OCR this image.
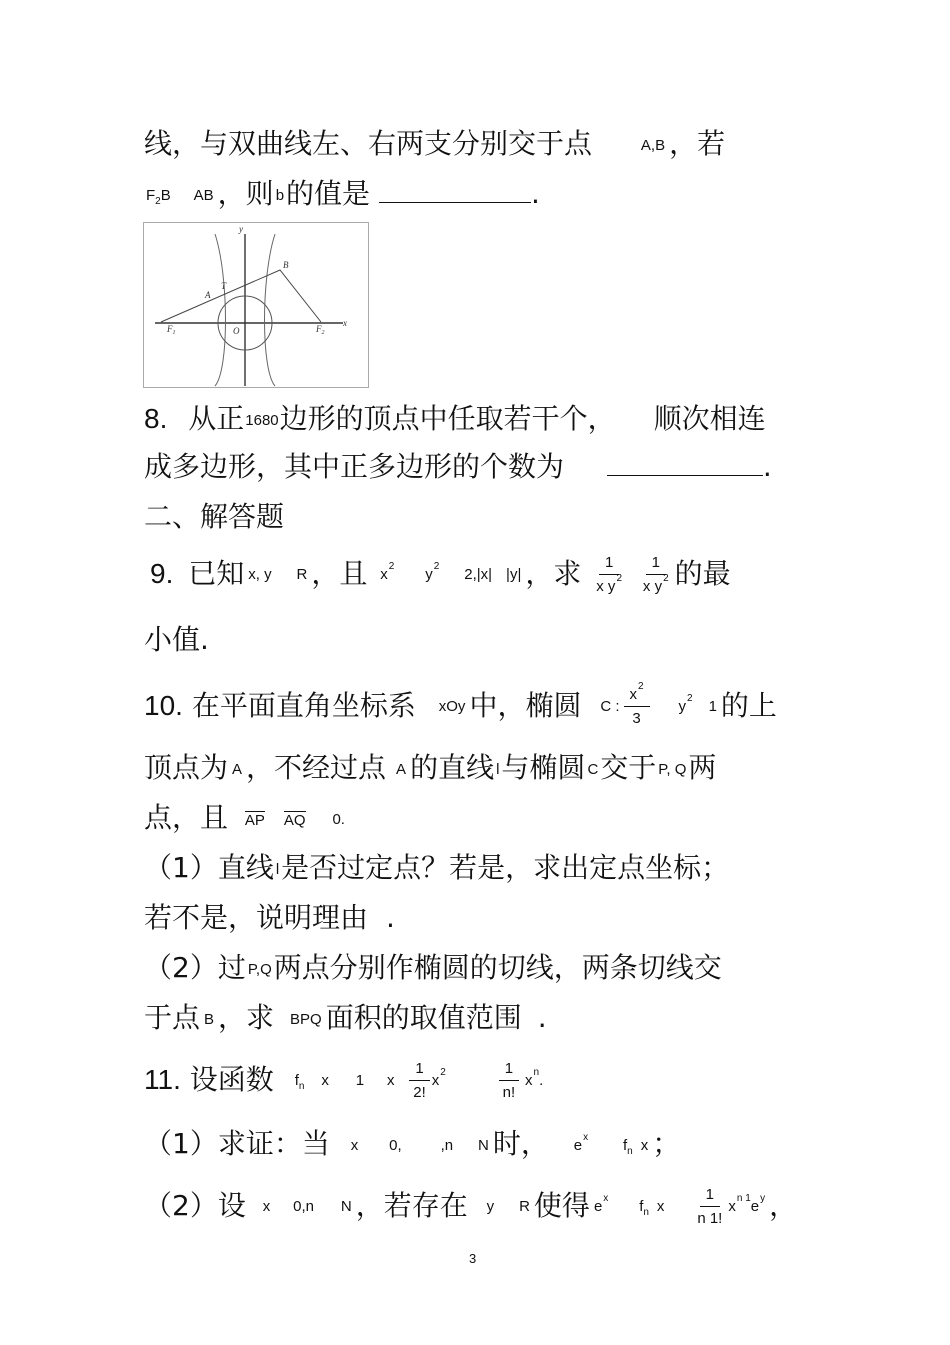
线，与双曲线左、右两支分别交于点	A,B ，若
$F_2B$ AB ，则 b的值是	.
y
x
O
A
T
B
$F_1$	$F_2$
8. 从正1680边形的顶点中任取若干个， 顺次相连
成多边形，其中正多边形的个数为	.
二、解答题
9. 已知 x, y R ，且 $x^2$ $y^2$ 2,|x| |y| ，求 $\frac{1}{x y^2}$
$\frac{1}{x y^2}$ 的最
小值.
10. 在平面直角坐标系 xOy 中，椭圆 C : $\frac{x^2}{3} y^2$ 1 的上
顶点为 A ，不经过点 A 的直线 l与椭圆 C交于 P, Q两
点，且 AP AQ 0.
（1）直线 l是否过定点？若是，求出定点坐标；
若不是，说明理由 .
（2）过 P,Q两点分别作椭圆的切线，两条切线交
于点 B ，求 BPQ 面积的取值范围 .
11. 设函数 $f_n$ x 1 x $\frac{1}{2!} x^2$	$\frac{1}{n!} x^n$.
（1）求证：当 x 0,	,n N 时， $e^x$ $f_n$ x ；
（2）设 x 0,n N ，若存在 y R 使得 $e^x$ $f_n$ x $\frac{1}{n 1!} x^{n 1}e^y$ ，
3
